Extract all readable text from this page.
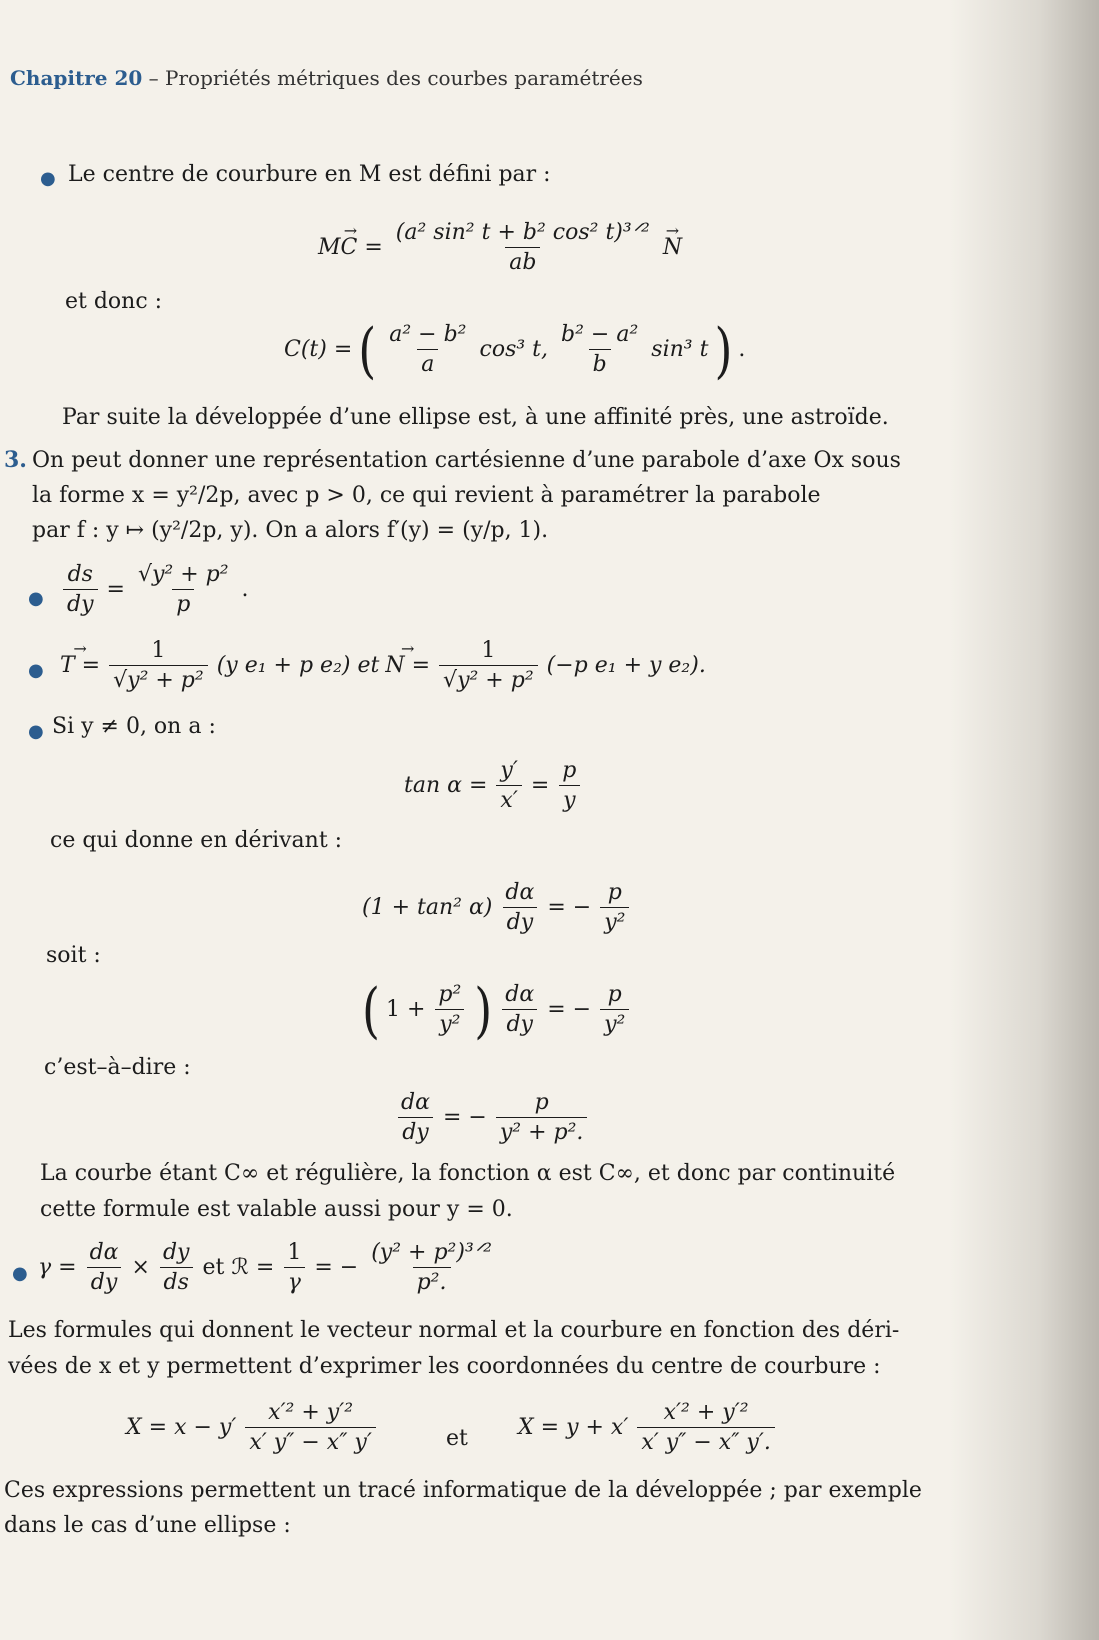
Chapitre 20 – Propriétés métriques des courbes paramétrées
● Le centre de courbure en M est défini par :
→ MC = $\frac{\text{(a² sin² t + b² cos² t)³ᐟ²}}{ab}$
→ N
et donc :
C(t) = ( $\frac{\text{a² − b²}}{a} \cos^3$ t, $\frac{\text{b² − a²}}{b} \sin^3$ t ) .
Par suite la développée d’une ellipse est, à une affinité près, une astroïde.
3. On peut donner une représentation cartésienne d’une parabole d’axe Ox sous
la forme x = y²/2p, avec p > 0, ce qui revient à paramétrer la parabole
par f : y ↦ (y²/2p, y). On a alors f′(y) = (y/p, 1).
● $\frac{ds}{dy} = \frac{\text{√y² + p²}}{p}$ .
●
→ $T = \frac{1}{\text{√y² + p²}} (y$ e₁ + p e₂) et
→ $N = \frac{1}{\text{√y² + p²}} (-p$ e₁ + y e₂).
● Si y ≠ 0, on a :
$\tan \alpha = \frac{y'}{x'} = \frac{p}{y}$
ce qui donne en dérivant :
(1 + tan² $\alpha) \frac{d\alpha}{dy}$ = − $\frac{p}{\text{y²}}$
soit :
( $1 + \frac{\text{p²}}{\text{y²}}$ ) $\frac{d\alpha}{dy}$ = − $\frac{p}{\text{y²}}$
c’est–à–dire :
$\frac{d\alpha}{dy}$ = − $\frac{p}{\text{y² + p².}}$
La courbe étant C∞ et régulière, la fonction α est C∞, et donc par continuité
cette formule est valable aussi pour y = 0.
● $\gamma = \frac{d\alpha}{dy} \times \frac{dy}{ds}$ et ℛ = $\frac{1}{\gamma}$ = − $\frac{\text{(y² + p²)³ᐟ²}}{\text{p².}}$
Les formules qui donnent le vecteur normal et la courbure en fonction des déri-
vées de x et y permettent d’exprimer les coordonnées du centre de courbure :
$X = x - y' \frac{\text{x′² + y′²}}{x' y'' - x'' y'}$	et $X = y + x' \frac{\text{x′² + y′²}}{x' y'' - x'' y'.}$
Ces expressions permettent un tracé informatique de la développée ; par exemple
dans le cas d’une ellipse :
